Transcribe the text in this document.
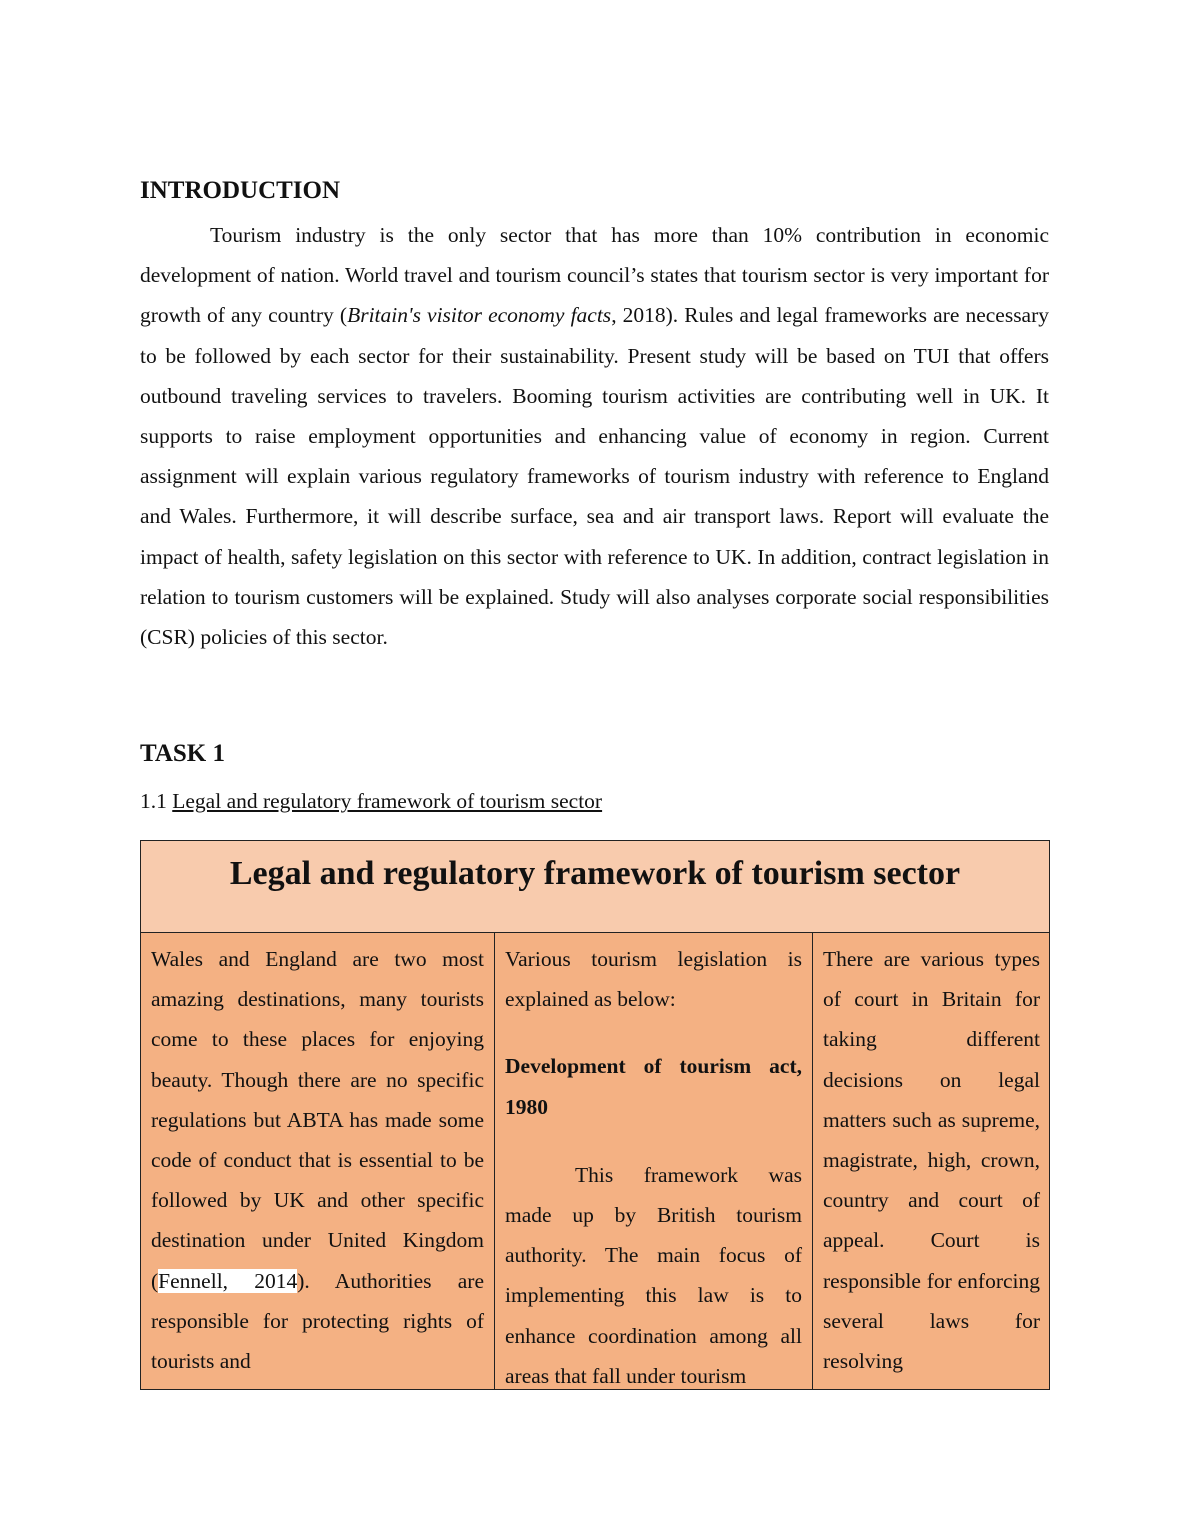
INTRODUCTION

Tourism industry is the only sector that has more than 10% contribution in economic development of nation. World travel and tourism council’s states that tourism sector is very important for growth of any country (Britain's visitor economy facts, 2018). Rules and legal frameworks are necessary to be followed by each sector for their sustainability. Present study will be based on TUI that offers outbound traveling services to travelers. Booming tourism activities are contributing well in UK. It supports to raise employment opportunities and enhancing value of economy in region. Current assignment will explain various regulatory frameworks of tourism industry with reference to England and Wales. Furthermore, it will describe surface, sea and air transport laws. Report will evaluate the impact of health, safety legislation on this sector with reference to UK. In addition, contract legislation in relation to tourism customers will be explained. Study will also analyses corporate social responsibilities (CSR) policies of this sector.

TASK 1
1.1 Legal and regulatory framework of tourism sector
Legal and regulatory framework of tourism sector

Wales and England are two most amazing destinations, many tourists come to these places for enjoying beauty. Though there are no specific regulations but ABTA has made some code of conduct that is essential to be followed by UK and other specific destination under United Kingdom (Fennell, 2014). Authorities are responsible for protecting rights of tourists and

Various tourism legislation is explained as below:

Development of tourism act, 1980

This framework was made up by British tourism authority. The main focus of implementing this law is to enhance coordination among all areas that fall under tourism

There are various types of court in Britain for taking different decisions on legal matters such as supreme, magistrate, high, crown, country and court of appeal. Court is responsible for enforcing several laws for resolving
